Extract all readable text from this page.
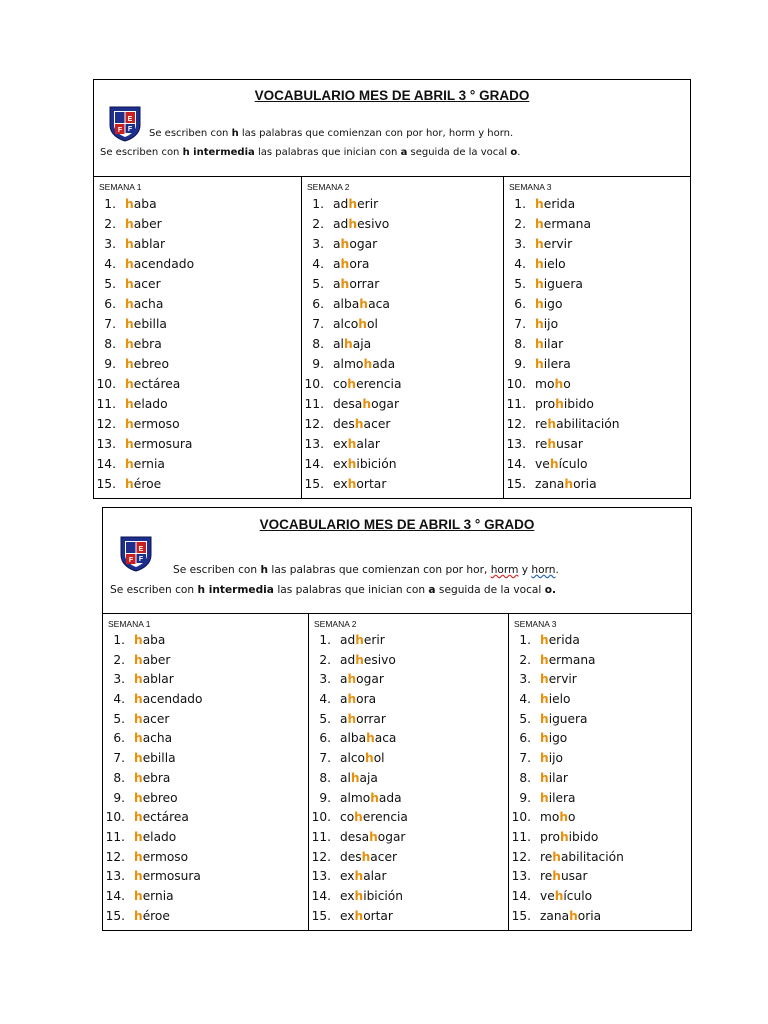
VOCABULARIO MES DE ABRIL 3 ° GRADO
E
F F Se escriben con h las palabras que comienzan con por hor, horm y horn.
Se escriben con h intermedia las palabras que inician con a seguida de la vocal o.
SEMANA 1
1. haba
2. haber
3. hablar
4. hacendado
5. hacer
6. hacha
7. hebilla
8. hebra
9. hebreo
10. hectárea
11. helado
12. hermoso
13. hermosura
14. hernia
15. héroe
SEMANA 2
1. adherir
2. adhesivo
3. ahogar
4. ahora
5. ahorrar
6. albahaca
7. alcohol
8. alhaja
9. almohada
10. coherencia
11. desahogar
12. deshacer
13. exhalar
14. exhibición
15. exhortar
SEMANA 3
1. herida
2. hermana
3. hervir
4. hielo
5. higuera
6. higo
7. hijo
8. hilar
9. hilera
10. moho
11. prohibido
12. rehabilitación
13. rehusar
14. vehículo
15. zanahoria
VOCABULARIO MES DE ABRIL 3 ° GRADO
E
F F
Se escriben con h las palabras que comienzan con por hor, horm y horn.
Se escriben con h intermedia las palabras que inician con a seguida de la vocal o.
SEMANA 1
1. haba
2. haber
3. hablar
4. hacendado
5. hacer
6. hacha
7. hebilla
8. hebra
9. hebreo
10. hectárea
11. helado
12. hermoso
13. hermosura
14. hernia
15. héroe
SEMANA 2
1. adherir
2. adhesivo
3. ahogar
4. ahora
5. ahorrar
6. albahaca
7. alcohol
8. alhaja
9. almohada
10. coherencia
11. desahogar
12. deshacer
13. exhalar
14. exhibición
15. exhortar
SEMANA 3
1. herida
2. hermana
3. hervir
4. hielo
5. higuera
6. higo
7. hijo
8. hilar
9. hilera
10. moho
11. prohibido
12. rehabilitación
13. rehusar
14. vehículo
15. zanahoria
